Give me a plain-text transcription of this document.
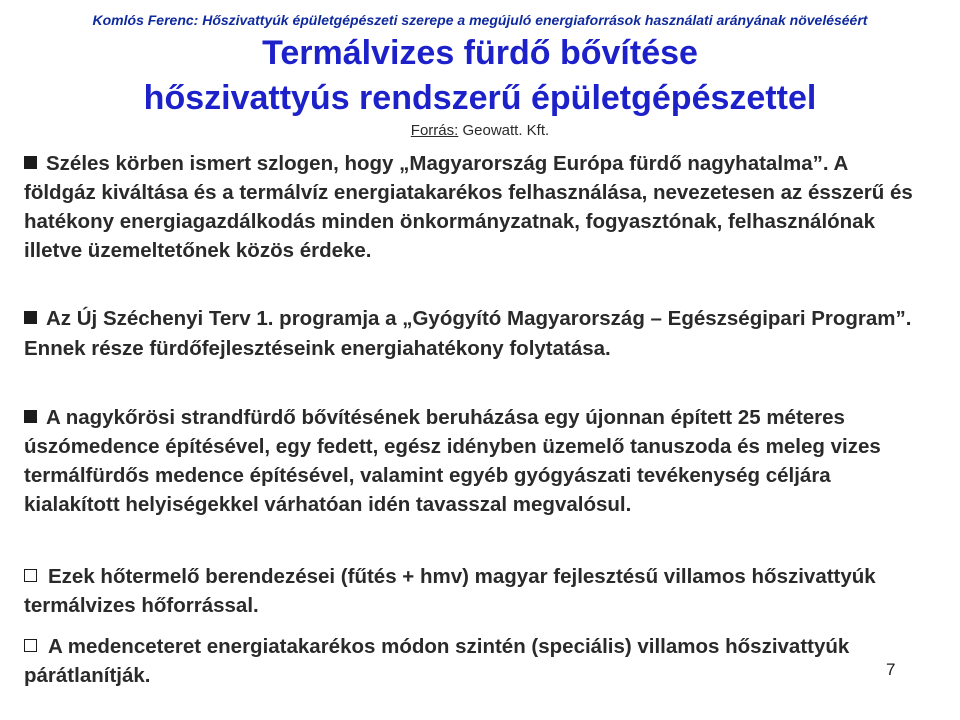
Komlós Ferenc: Hőszivattyúk épületgépészeti szerepe a megújuló energiaforrások használati arányának növeléséért
Termálvizes fürdő bővítése
hőszivattyús rendszerű épületgépészettel
Forrás: Geowatt. Kft.
Széles körben ismert szlogen, hogy „Magyarország Európa fürdő nagyhatalma”. A földgáz kiváltása és a termálvíz energiatakarékos felhasználása, nevezetesen az ésszerű és hatékony energiagazdálkodás minden önkormányzatnak, fogyasztónak, felhasználónak illetve üzemeltetőnek közös érdeke.
Az Új Széchenyi Terv 1. programja a „Gyógyító Magyarország – Egészségipari Program”. Ennek része fürdőfejlesztéseink energiahatékony folytatása.
A nagykőrösi strandfürdő bővítésének beruházása egy újonnan épített 25 méteres úszómedence építésével, egy fedett, egész idényben üzemelő tanuszoda és meleg vizes termálfürdős medence építésével, valamint egyéb gyógyászati tevékenység céljára kialakított helyiségekkel várhatóan idén tavasszal megvalósul.
Ezek hőtermelő berendezései (fűtés + hmv) magyar fejlesztésű villamos hőszivattyúk termálvizes hőforrással.
A medenceteret energiatakarékos módon szintén (speciális) villamos hőszivattyúk párátlanítják.	7
